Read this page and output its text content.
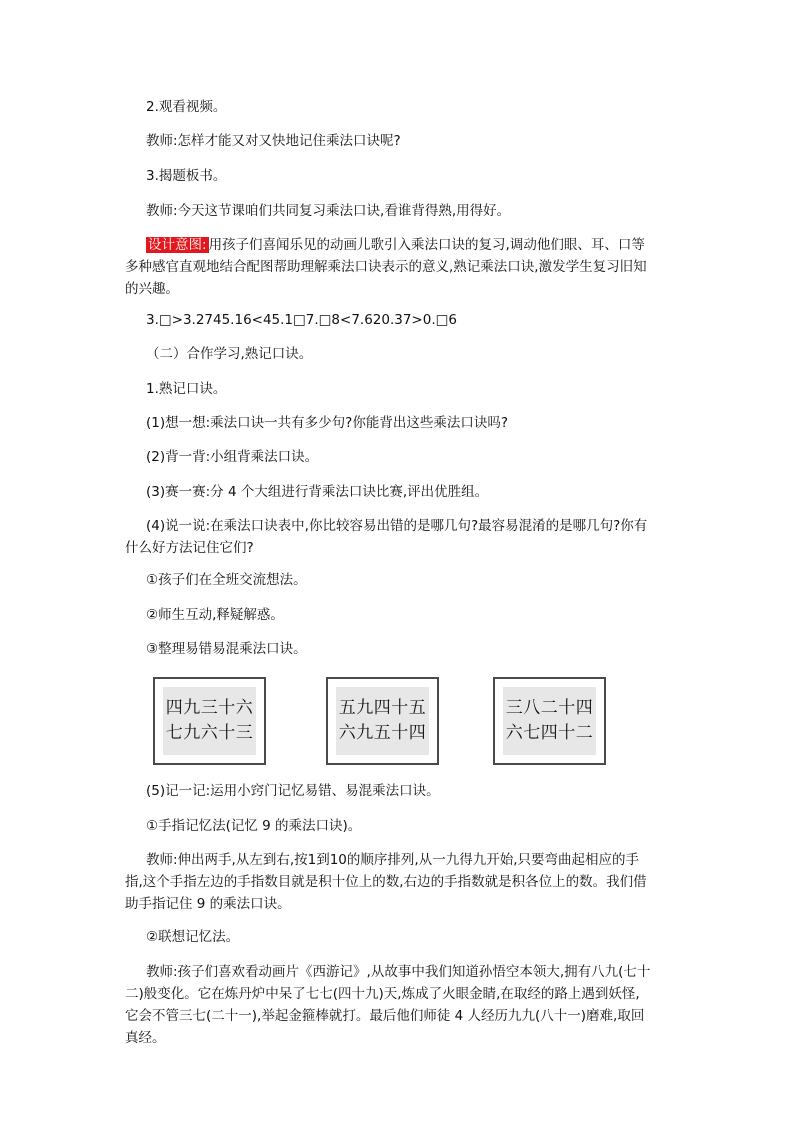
2.观看视频。

教师:怎样才能又对又快地记住乘法口诀呢?

3.揭题板书。

教师:今天这节课咱们共同复习乘法口诀,看谁背得熟,用得好。

设计意图: 用孩子们喜闻乐见的动画儿歌引入乘法口诀的复习,调动他们眼、耳、口等多种感官直观地结合配图帮助理解乘法口诀表示的意义,熟记乘法口诀,激发学生复习旧知的兴趣。

3.□>3.2745.16<45.1□7.□8<7.620.37>0.□6

（二）合作学习,熟记口诀。

1.熟记口诀。

(1)想一想:乘法口诀一共有多少句?你能背出这些乘法口诀吗?

(2)背一背:小组背乘法口诀。

(3)赛一赛:分 4 个大组进行背乘法口诀比赛,评出优胜组。

(4)说一说:在乘法口诀表中,你比较容易出错的是哪几句?最容易混淆的是哪几句?你有什么好方法记住它们?

①孩子们在全班交流想法。

②师生互动,释疑解惑。

③整理易错易混乘法口诀。

四九三十六
七九六十三
五九四十五
六九五十四
三八二十四
六七四十二

(5)记一记:运用小窍门记忆易错、易混乘法口诀。

①手指记忆法(记忆 9 的乘法口诀)。

教师:伸出两手,从左到右,按1到10的顺序排列,从一九得九开始,只要弯曲起相应的手指,这个手指左边的手指数目就是积十位上的数,右边的手指数就是积各位上的数。我们借助手指记住 9 的乘法口诀。

②联想记忆法。

教师:孩子们喜欢看动画片《西游记》,从故事中我们知道孙悟空本领大,拥有八九(七十二)般变化。它在炼丹炉中呆了七七(四十九)天,炼成了火眼金睛,在取经的路上遇到妖怪,它会不管三七(二十一),举起金箍棒就打。最后他们师徒 4 人经历九九(八十一)磨难,取回真经。
